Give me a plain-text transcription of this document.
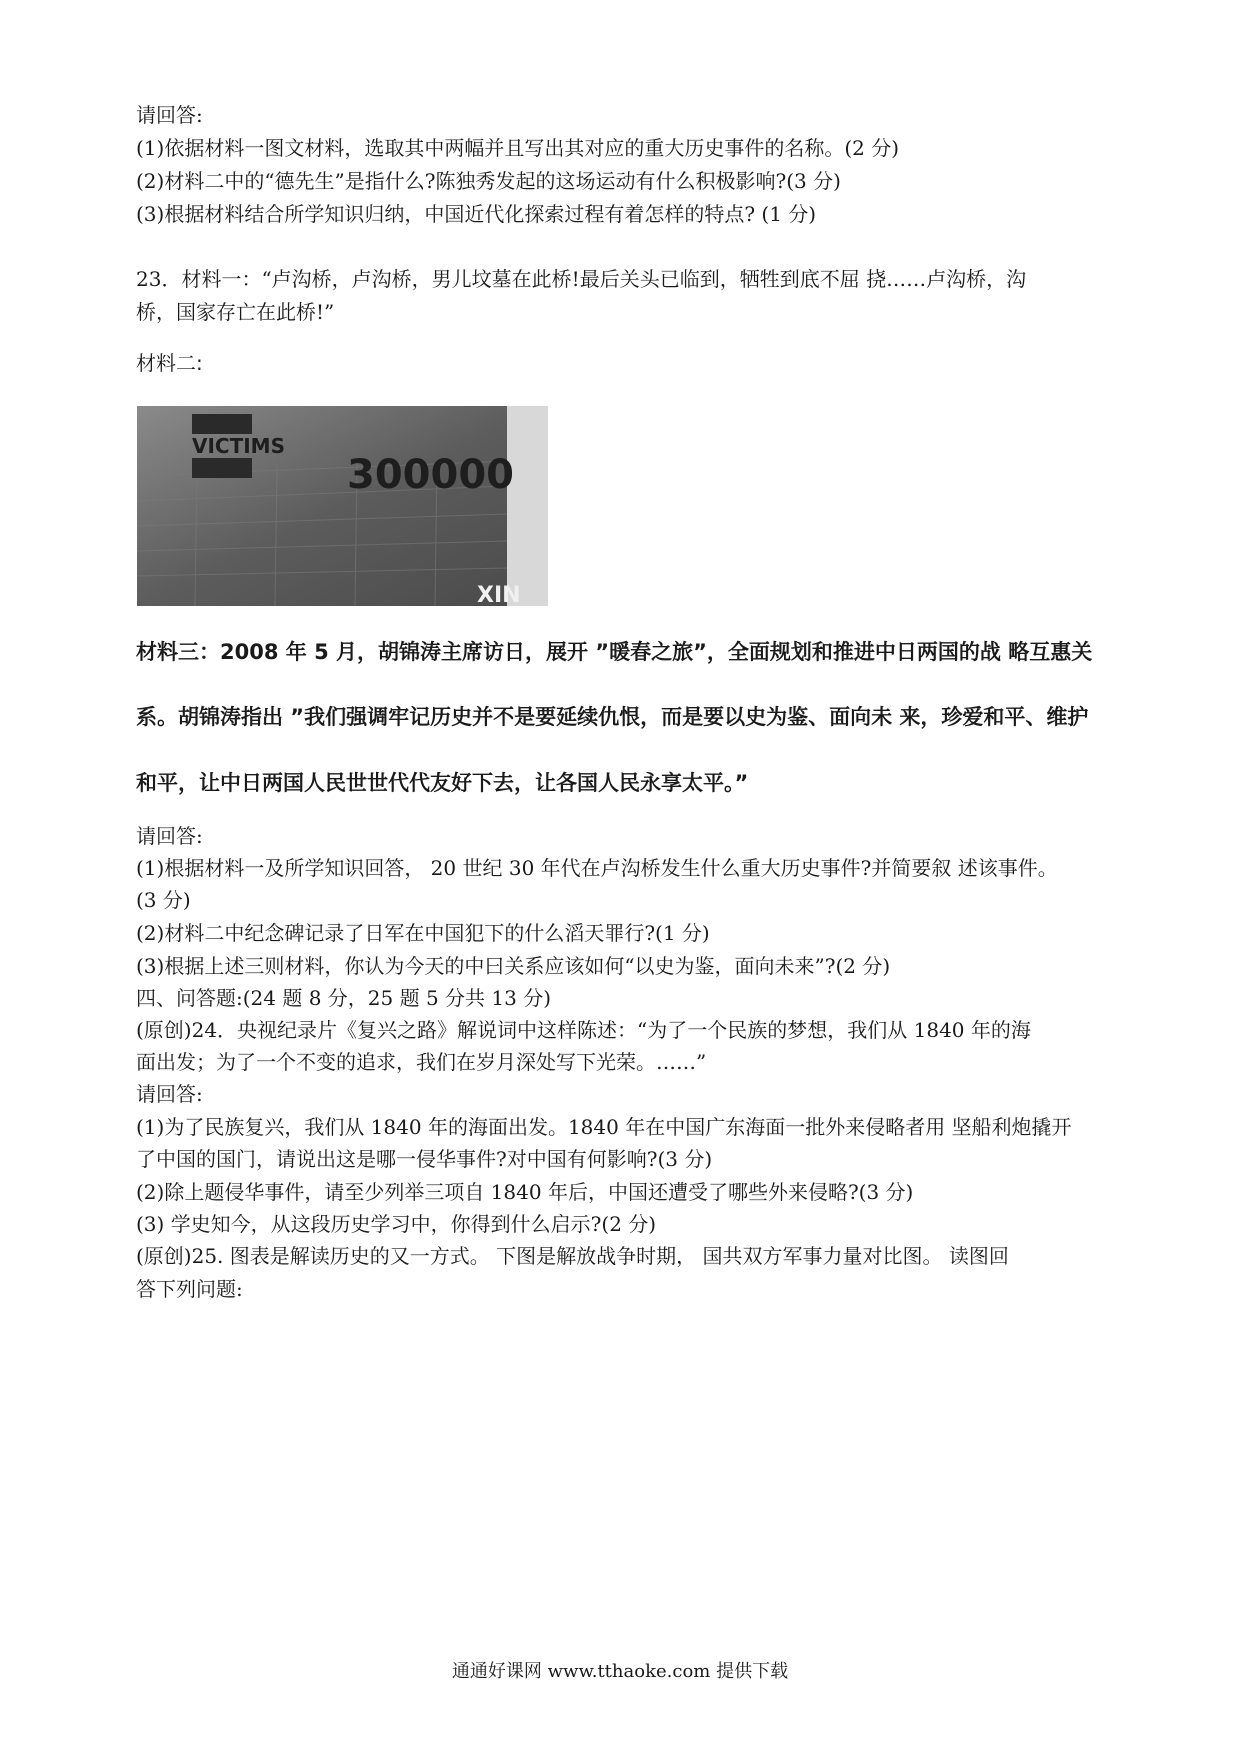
请回答:
(1)依据材料一图文材料，选取其中两幅并且写出其对应的重大历史事件的名称。(2 分)
(2)材料二中的“德先生”是指什么?陈独秀发起的这场运动有什么积极影响?(3 分)
(3)根据材料结合所学知识归纳，中国近代化探索过程有着怎样的特点? (1 分)
23．材料一：“卢沟桥，卢沟桥，男儿坟墓在此桥!最后关头已临到，牺牲到底不屈 挠……卢沟桥，沟
桥，国家存亡在此桥!”
材料二:
VICTIMS
300000
XIN
材料三：2008 年 5 月，胡锦涛主席访日，展开 ”暖春之旅”，全面规划和推进中日两国的战 略互惠关
系。胡锦涛指出 ”我们强调牢记历史并不是要延续仇恨，而是要以史为鉴、面向未 来，珍爱和平、维护
和平，让中日两国人民世世代代友好下去，让各国人民永享太平。”
请回答:
(1)根据材料一及所学知识回答， 20 世纪 30 年代在卢沟桥发生什么重大历史事件?并简要叙 述该事件。
(3 分)
(2)材料二中纪念碑记录了日军在中国犯下的什么滔天罪行?(1 分)
(3)根据上述三则材料，你认为今天的中曰关系应该如何“以史为鉴，面向未来”?(2 分)
四、问答题:(24 题 8 分，25 题 5 分共 13 分)
(原创)24．央视纪录片《复兴之路》解说词中这样陈述：“为了一个民族的梦想，我们从 1840 年的海
面出发；为了一个不变的追求，我们在岁月深处写下光荣。……”
请回答:
(1)为了民族复兴，我们从 1840 年的海面出发。1840 年在中国广东海面一批外来侵略者用 坚船利炮撬开
了中国的国门，请说出这是哪一侵华事件?对中国有何影响?(3 分)
(2)除上题侵华事件，请至少列举三项自 1840 年后，中国还遭受了哪些外来侵略?(3 分)
(3) 学史知今，从这段历史学习中，你得到什么启示?(2 分)
(原创)25. 图表是解读历史的又一方式。 下图是解放战争时期， 国共双方军事力量对比图。 读图回
答下列问题:
通通好课网 www.tthaoke.com 提供下载
